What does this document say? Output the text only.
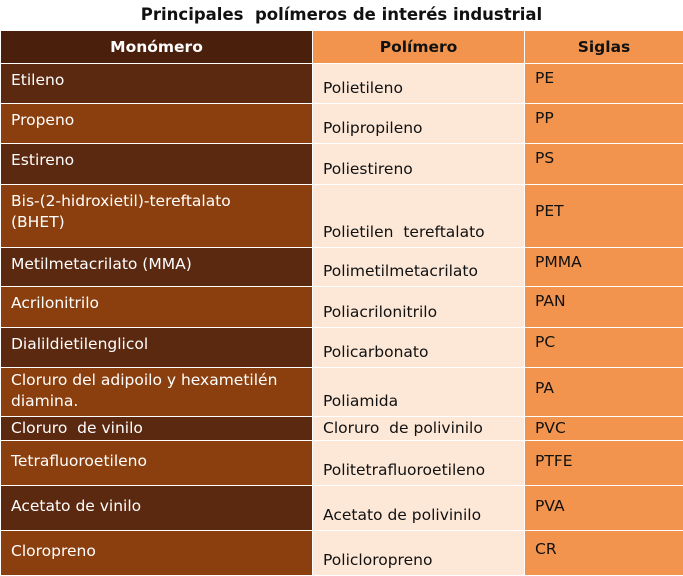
Principales  polímeros de interés industrial
Monómero	Polímero	Siglas
Etileno	Polietileno	PE
Propeno	Polipropileno	PP
Estireno	Poliestireno	PS
Bis-(2-hidroxietil)-tereftalato
(BHET)	Polietilen  tereftalato	PET
Metilmetacrilato (MMA)	Polimetilmetacrilato	PMMA
Acrilonitrilo	Poliacrilonitrilo	PAN
Dialildietilenglicol	Policarbonato	PC
Cloruro del adipoilo y hexametilén
diamina.	Poliamida	PA
Cloruro  de vinilo	Cloruro  de polivinilo	PVC
Tetrafluoroetileno	Politetrafluoroetileno	PTFE
Acetato de vinilo	Acetato de polivinilo	PVA
Cloropreno	Policloropreno	CR
